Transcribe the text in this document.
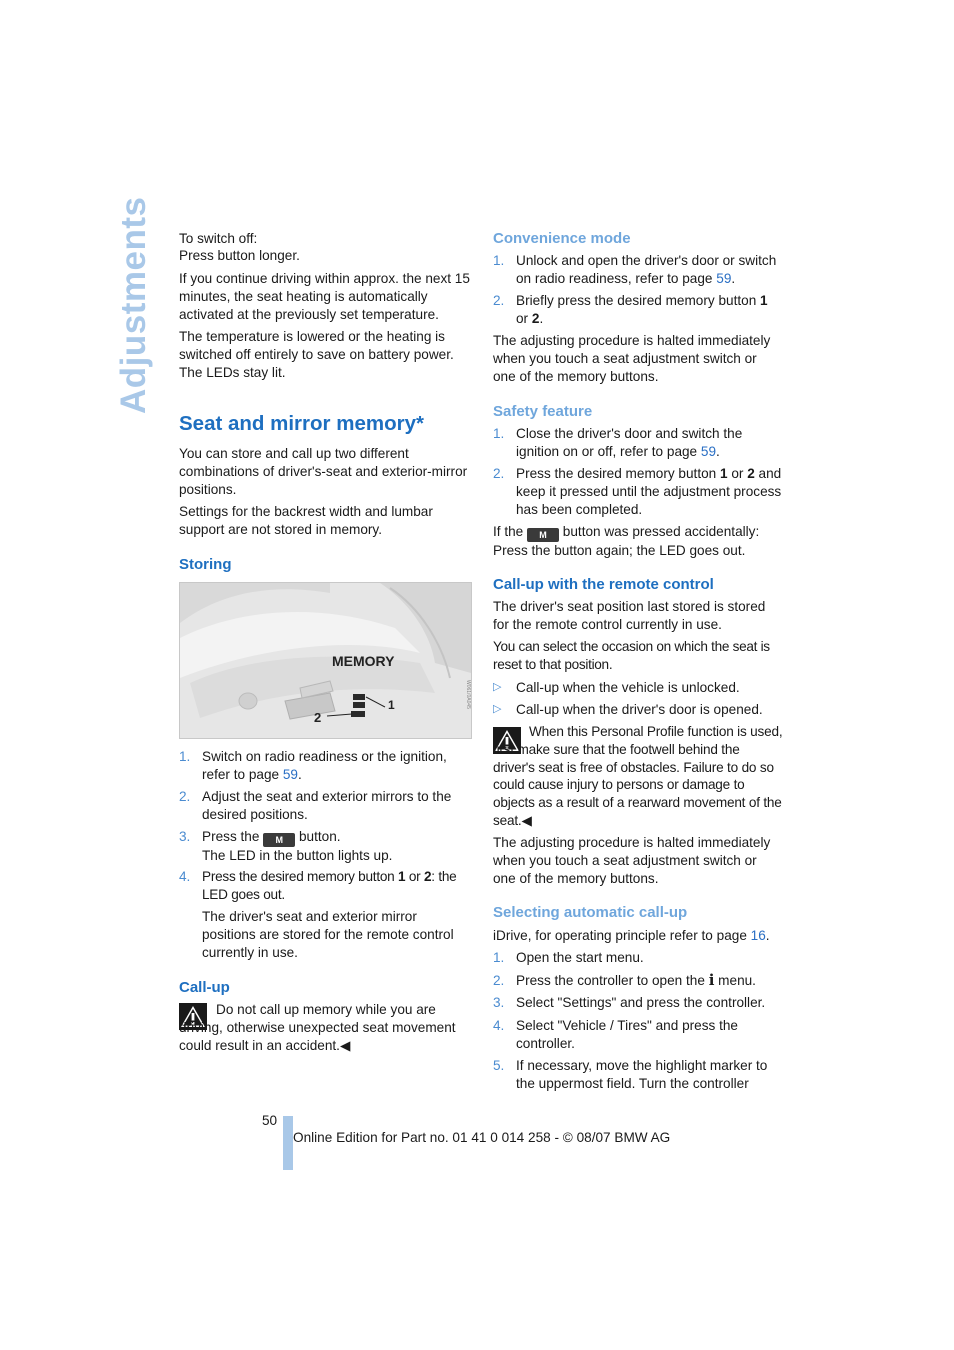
Adjustments To switch off:

Press button longer.

If you continue driving within approx. the next 15 minutes, the seat heating is automatically activated at the previously set temperature.

The temperature is lowered or the heating is switched off entirely to save on battery power. The LEDs stay lit.

Seat and mirror memory*

You can store and call up two different combinations of driver's-seat and exterior-mirror positions.

Settings for the backrest width and lumbar support are not stored in memory.

Storing

1. Switch on radio readiness or the ignition, refer to page 59.
2. Adjust the seat and exterior mirrors to the desired positions.
3. Press the M button.
The LED in the button lights up.
4. Press the desired memory button 1 or 2: the LED goes out.

The driver's seat and exterior mirror positions are stored for the remote control currently in use.

Call-up

Do not call up memory while you are driving, otherwise unexpected seat movement could result in an accident.◀

MEMORY
1
2
W061/0A045

Convenience mode

1. Unlock and open the driver's door or switch on radio readiness, refer to page 59.
2. Briefly press the desired memory button 1 or 2.

The adjusting procedure is halted immediately when you touch a seat adjustment switch or one of the memory buttons.

Safety feature

1. Close the driver's door and switch the ignition on or off, refer to page 59.
2. Press the desired memory button 1 or 2 and keep it pressed until the adjustment process has been completed.

If the M button was pressed accidentally: Press the button again; the LED goes out.

Call-up with the remote control

The driver's seat position last stored is stored for the remote control currently in use.

You can select the occasion on which the seat is reset to that position.

▷ Call-up when the vehicle is unlocked.
▷ Call-up when the driver's door is opened.

When this Personal Profile function is used, first make sure that the footwell behind the driver's seat is free of obstacles. Failure to do so could cause injury to persons or damage to objects as a result of a rearward movement of the seat.◀

The adjusting procedure is halted immediately when you touch a seat adjustment switch or one of the memory buttons.

Selecting automatic call-up

iDrive, for operating principle refer to page 16.

1. Open the start menu.
2. Press the controller to open the i menu.
3. Select "Settings" and press the controller.
4. Select "Vehicle / Tires" and press the controller.
5. If necessary, move the highlight marker to the uppermost field. Turn the controller
50
Online Edition for Part no. 01 41 0 014 258 - © 08/07 BMW AG
